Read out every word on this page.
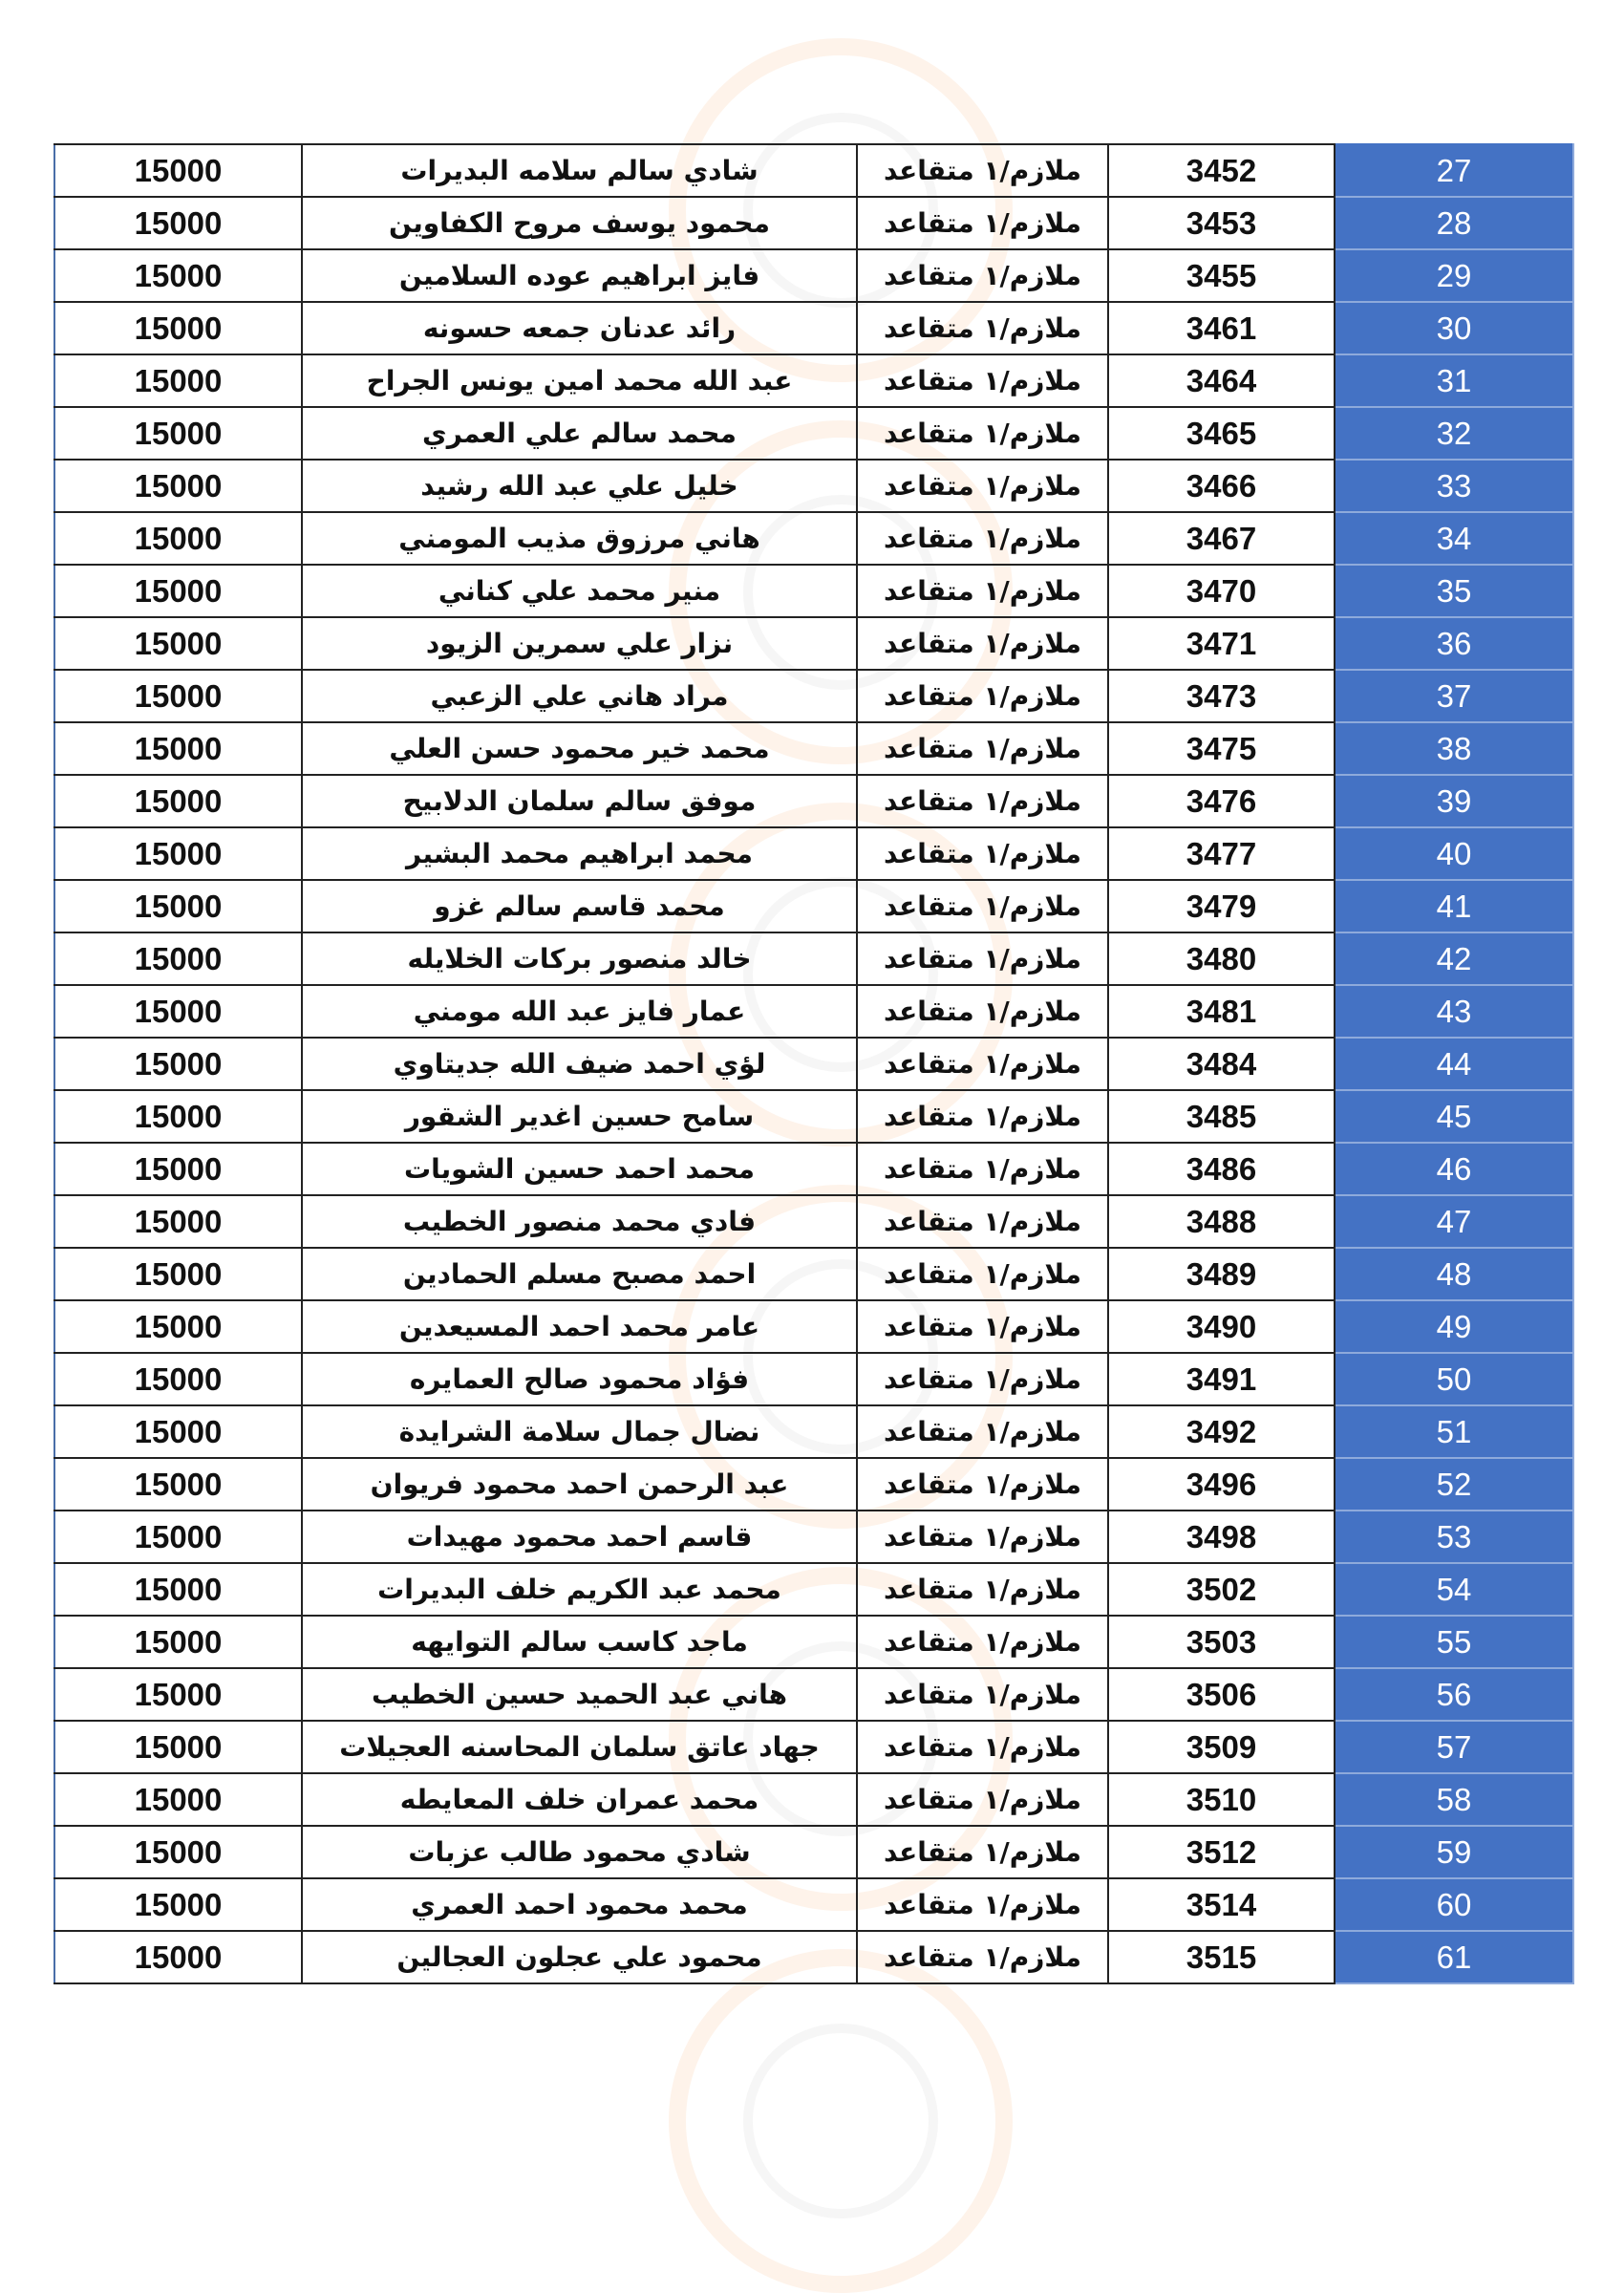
15000	شادي سالم سلامه البديرات	ملازم/١ متقاعد	3452	27
15000	محمود يوسف مروح الكفاوين	ملازم/١ متقاعد	3453	28
15000	فايز ابراهيم عوده السلامين	ملازم/١ متقاعد	3455	29
15000	رائد عدنان جمعه حسونه	ملازم/١ متقاعد	3461	30
15000	عبد الله محمد امين يونس الجراح	ملازم/١ متقاعد	3464	31
15000	محمد سالم علي العمري	ملازم/١ متقاعد	3465	32
15000	خليل علي عبد الله رشيد	ملازم/١ متقاعد	3466	33
15000	هاني مرزوق مذيب المومني	ملازم/١ متقاعد	3467	34
15000	منير محمد علي كناني	ملازم/١ متقاعد	3470	35
15000	نزار علي سمرين الزيود	ملازم/١ متقاعد	3471	36
15000	مراد هاني علي الزعبي	ملازم/١ متقاعد	3473	37
15000	محمد خير محمود حسن العلي	ملازم/١ متقاعد	3475	38
15000	موفق سالم سلمان الدلابيح	ملازم/١ متقاعد	3476	39
15000	محمد ابراهيم محمد البشير	ملازم/١ متقاعد	3477	40
15000	محمد قاسم سالم غزو	ملازم/١ متقاعد	3479	41
15000	خالد منصور بركات الخلايله	ملازم/١ متقاعد	3480	42
15000	عمار فايز عبد الله مومني	ملازم/١ متقاعد	3481	43
15000	لؤي احمد ضيف الله جديتاوي	ملازم/١ متقاعد	3484	44
15000	سامح حسين اغدير الشقور	ملازم/١ متقاعد	3485	45
15000	محمد احمد حسين الشويات	ملازم/١ متقاعد	3486	46
15000	فادي محمد منصور الخطيب	ملازم/١ متقاعد	3488	47
15000	احمد مصبح مسلم الحمادين	ملازم/١ متقاعد	3489	48
15000	عامر محمد احمد المسيعدين	ملازم/١ متقاعد	3490	49
15000	فؤاد محمود صالح العمايره	ملازم/١ متقاعد	3491	50
15000	نضال جمال سلامة الشرايدة	ملازم/١ متقاعد	3492	51
15000	عبد الرحمن احمد محمود فريوان	ملازم/١ متقاعد	3496	52
15000	قاسم احمد محمود مهيدات	ملازم/١ متقاعد	3498	53
15000	محمد عبد الكريم خلف البديرات	ملازم/١ متقاعد	3502	54
15000	ماجد كاسب سالم التوايهه	ملازم/١ متقاعد	3503	55
15000	هاني عبد الحميد حسين الخطيب	ملازم/١ متقاعد	3506	56
15000	جهاد عاتق سلمان المحاسنه العجيلات	ملازم/١ متقاعد	3509	57
15000	محمد عمران خلف المعايطه	ملازم/١ متقاعد	3510	58
15000	شادي محمود طالب عزبات	ملازم/١ متقاعد	3512	59
15000	محمد محمود احمد العمري	ملازم/١ متقاعد	3514	60
15000	محمود علي عجلون العجالين	ملازم/١ متقاعد	3515	61
